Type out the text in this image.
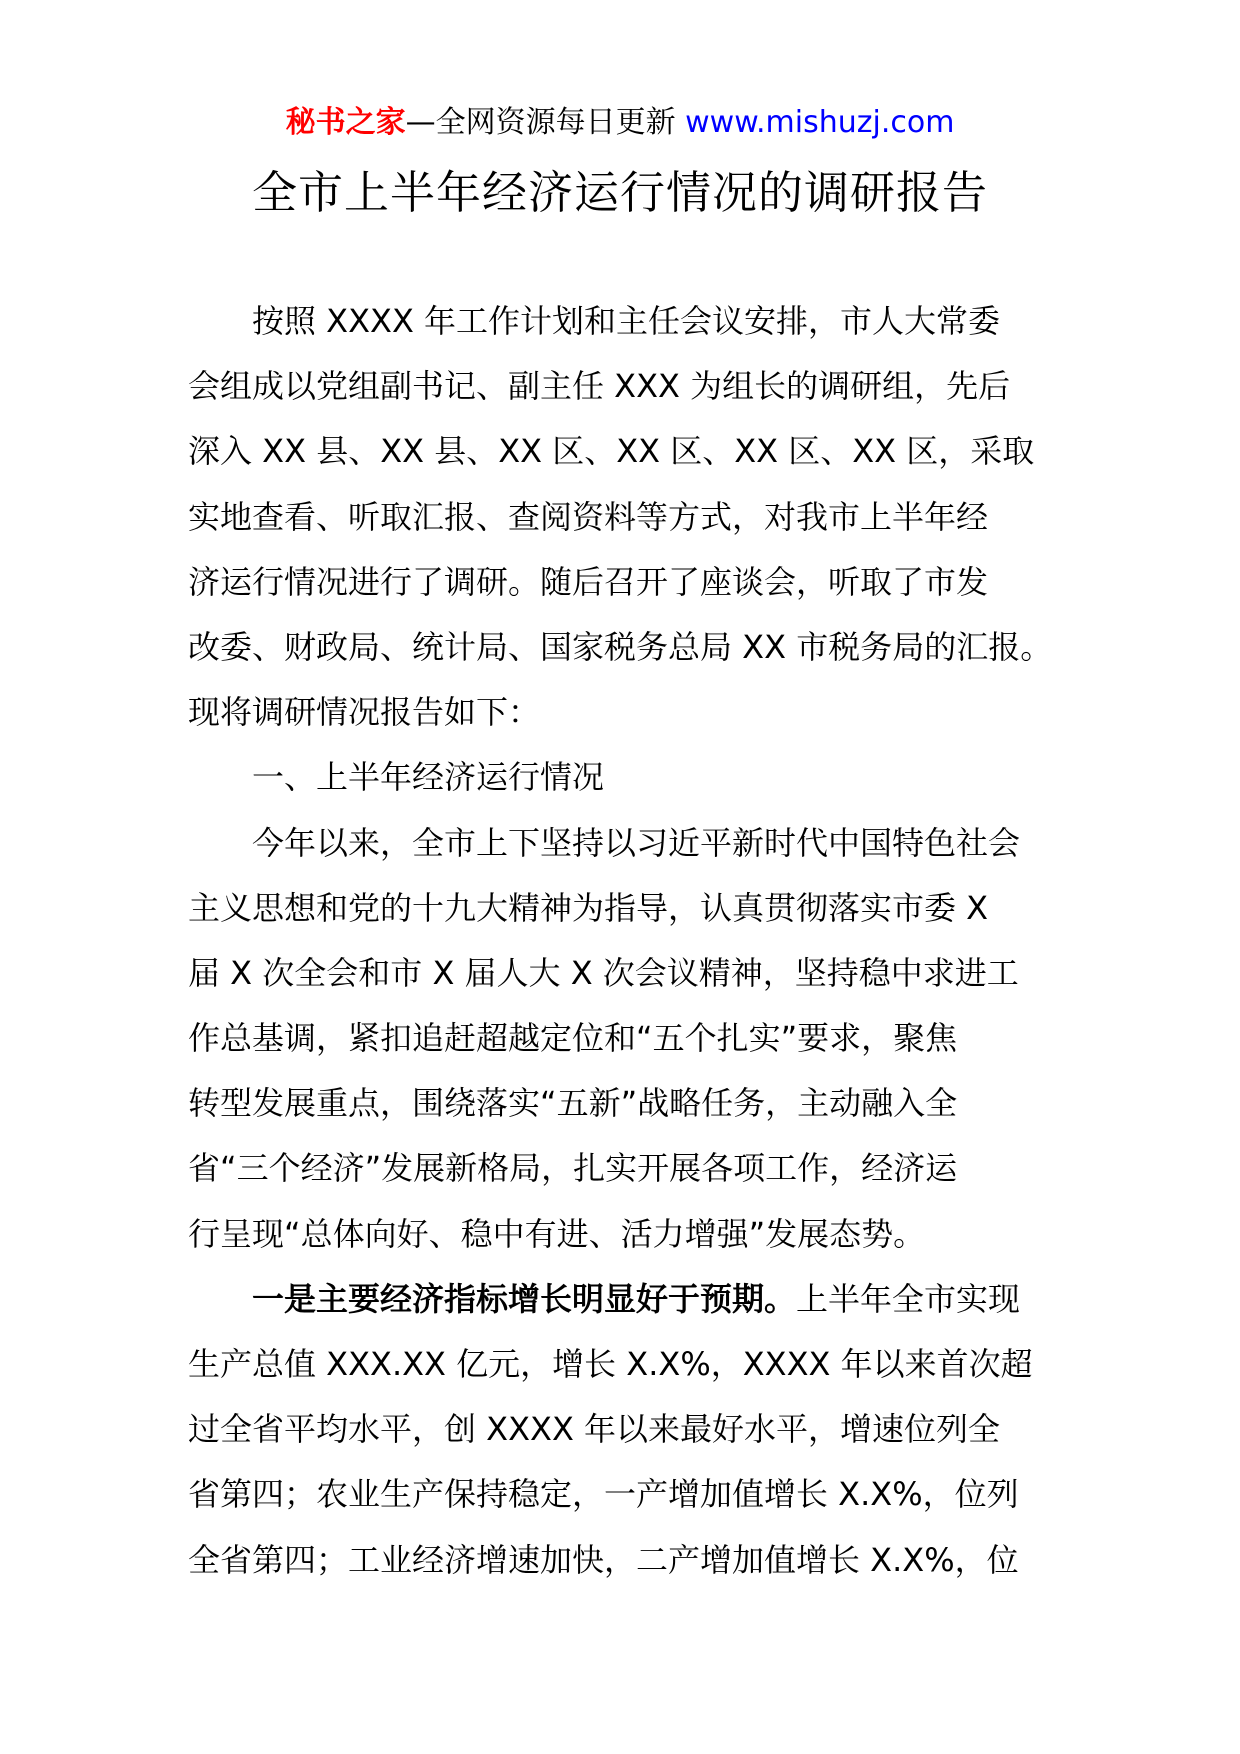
秘书之家—全网资源每日更新 www.mishuzj.com
全市上半年经济运行情况的调研报告
按照 XXXX 年工作计划和主任会议安排，市人大常委
会组成以党组副书记、副主任 XXX 为组长的调研组，先后
深入 XX 县、XX 县、XX 区、XX 区、XX 区、XX 区，采取
实地查看、听取汇报、查阅资料等方式，对我市上半年经
济运行情况进行了调研。随后召开了座谈会，听取了市发
改委、财政局、统计局、国家税务总局 XX 市税务局的汇报。
现将调研情况报告如下：
一、上半年经济运行情况
今年以来，全市上下坚持以习近平新时代中国特色社会
主义思想和党的十九大精神为指导，认真贯彻落实市委 X
届 X 次全会和市 X 届人大 X 次会议精神，坚持稳中求进工
作总基调，紧扣追赶超越定位和“五个扎实”要求，聚焦
转型发展重点，围绕落实“五新”战略任务，主动融入全
省“三个经济”发展新格局，扎实开展各项工作，经济运
行呈现“总体向好、稳中有进、活力增强”发展态势。
一是主要经济指标增长明显好于预期。上半年全市实现
生产总值 XXX.XX 亿元，增长 X.X%，XXXX 年以来首次超
过全省平均水平，创 XXXX 年以来最好水平，增速位列全
省第四；农业生产保持稳定，一产增加值增长 X.X%，位列
全省第四；工业经济增速加快，二产增加值增长 X.X%，位
